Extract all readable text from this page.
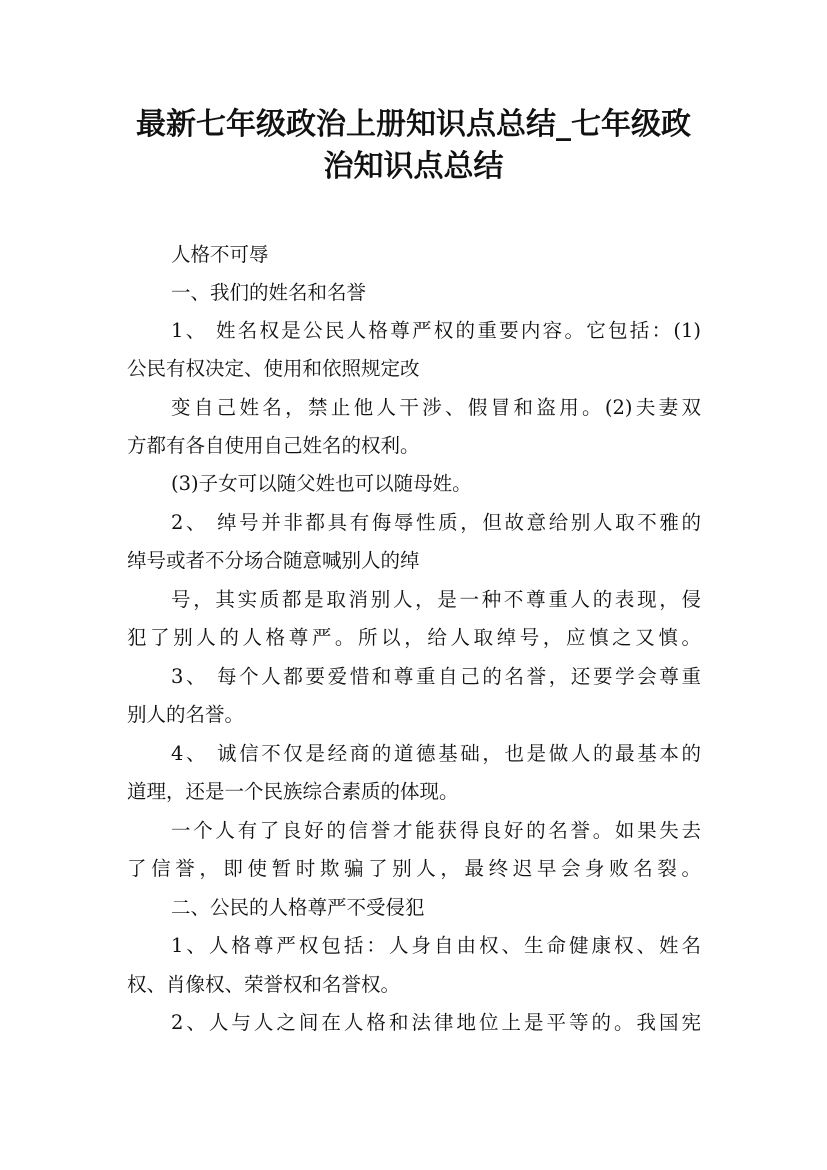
最新七年级政治上册知识点总结_七年级政
治知识点总结
人格不可辱
一、我们的姓名和名誉
1、 姓名权是公民人格尊严权的重要内容。它包括：(1)
公民有权决定、使用和依照规定改
变自己姓名，禁止他人干涉、假冒和盗用。(2)夫妻双
方都有各自使用自己姓名的权利。
(3)子女可以随父姓也可以随母姓。
2、 绰号并非都具有侮辱性质，但故意给别人取不雅的
绰号或者不分场合随意喊别人的绰
号，其实质都是取消别人，是一种不尊重人的表现，侵
犯了别人的人格尊严。所以，给人取绰号，应慎之又慎。
3、 每个人都要爱惜和尊重自己的名誉，还要学会尊重
别人的名誉。
4、 诚信不仅是经商的道德基础，也是做人的最基本的
道理，还是一个民族综合素质的体现。
一个人有了良好的信誉才能获得良好的名誉。如果失去
了信誉，即使暂时欺骗了别人，最终迟早会身败名裂。
二、公民的人格尊严不受侵犯
1、人格尊严权包括：人身自由权、生命健康权、姓名
权、肖像权、荣誉权和名誉权。
2、人与人之间在人格和法律地位上是平等的。我国宪
